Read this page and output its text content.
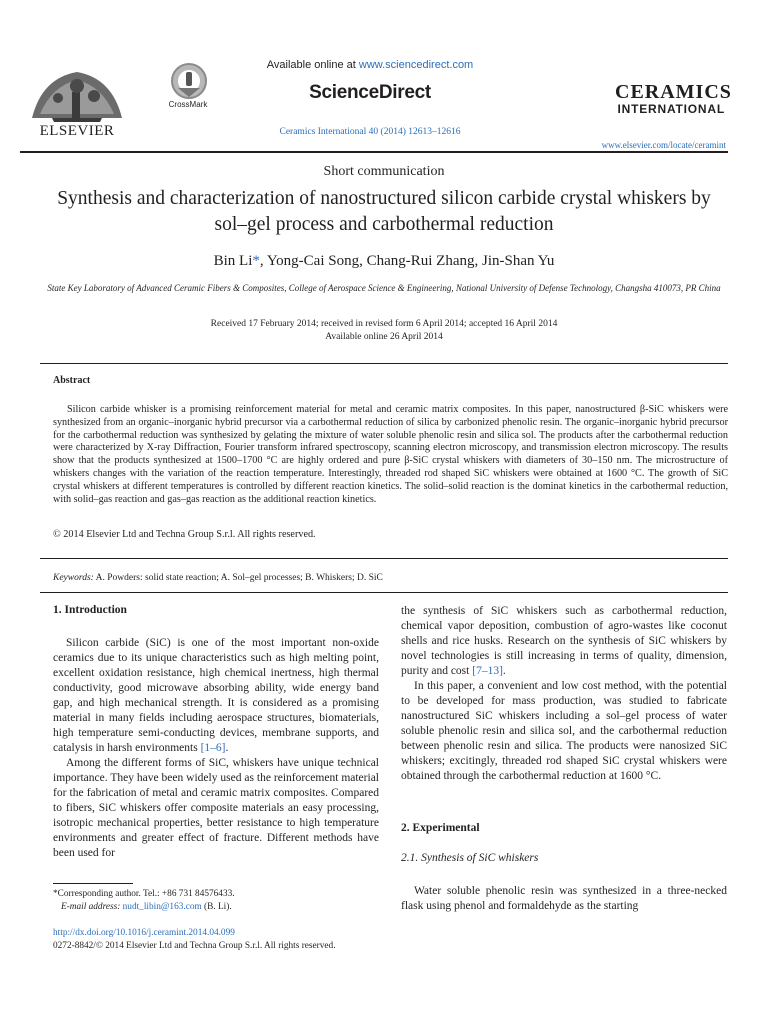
ELSEVIER
CrossMark
Available online at www.sciencedirect.com
ScienceDirect
Ceramics International 40 (2014) 12613–12616
CERAMICS
INTERNATIONAL
www.elsevier.com/locate/ceramint
Short communication
Synthesis and characterization of nanostructured silicon carbide crystal whiskers by sol–gel process and carbothermal reduction
Bin Li*, Yong-Cai Song, Chang-Rui Zhang, Jin-Shan Yu
State Key Laboratory of Advanced Ceramic Fibers & Composites, College of Aerospace Science & Engineering, National University of Defense Technology, Changsha 410073, PR China
Received 17 February 2014; received in revised form 6 April 2014; accepted 16 April 2014
Available online 26 April 2014
Abstract
Silicon carbide whisker is a promising reinforcement material for metal and ceramic matrix composites. In this paper, nanostructured β-SiC whiskers were synthesized from an organic–inorganic hybrid precursor via a carbothermal reduction of silica by carbonized phenolic resin. The organic–inorganic hybrid precursor for the carbothermal reduction was synthesized by gelating the mixture of water soluble phenolic resin and silica sol. The products after the carbothermal reduction were characterized by X-ray Diffraction, Fourier transform infrared spectroscopy, scanning electron microscopy, and transmission electron microscopy. The results show that the products synthesized at 1500–1700 °C are highly ordered and pure β-SiC crystal whiskers with diameters of 30–150 nm. The microstructure of whiskers changes with the variation of the reaction temperature. Interestingly, threaded rod shaped SiC whiskers were obtained at 1600 °C. The growth of SiC crystal whiskers at different temperatures is controlled by different reaction kinetics. The solid–solid reaction is the dominat kinetics in the carbothermal reduction, with solid–gas reaction and gas–gas reaction as the additional reaction kinetics.
© 2014 Elsevier Ltd and Techna Group S.r.l. All rights reserved.
Keywords: A. Powders: solid state reaction; A. Sol–gel processes; B. Whiskers; D. SiC
1. Introduction

Silicon carbide (SiC) is one of the most important non-oxide ceramics due to its unique characteristics such as high melting point, excellent oxidation resistance, high chemical inertness, high thermal conductivity, good microwave absorbing ability, wide energy band gap, and high mechanical strength. It is considered as a promising material in many fields including aerospace structures, biomaterials, high temperature semi-conducting devices, membrane supports, and catalysis in harsh environments [1–6].

Among the different forms of SiC, whiskers have unique technical importance. They have been widely used as the reinforcement material for the fabrication of metal and ceramic matrix composites. Compared to fibers, SiC whiskers offer composite materials an easy processing, isotropic mechanical properties, better resistance to high temperature environments and greater effect of fracture. Different methods have been used for

the synthesis of SiC whiskers such as carbothermal reduction, chemical vapor deposition, combustion of agro-wastes like coconut shells and rice husks. Research on the synthesis of SiC whiskers by novel technologies is still increasing in terms of quality, dimension, purity and cost [7–13].

In this paper, a convenient and low cost method, with the potential to be developed for mass production, was studied to fabricate nanostructured SiC whiskers including a sol–gel process of water soluble phenolic resin and silica sol, and the carbothermal reduction between phenolic resin and silica. The products were nanosized SiC whiskers; excitingly, threaded rod shaped SiC crystal whiskers were obtained through the carbothermal reduction at 1600 °C.

2. Experimental
2.1. Synthesis of SiC whiskers

Water soluble phenolic resin was synthesized in a three-necked flask using phenol and formaldehyde as the starting

*Corresponding author. Tel.: +86 731 84576433.
E-mail address: nudt_libin@163.com (B. Li).
http://dx.doi.org/10.1016/j.ceramint.2014.04.099
0272-8842/© 2014 Elsevier Ltd and Techna Group S.r.l. All rights reserved.
